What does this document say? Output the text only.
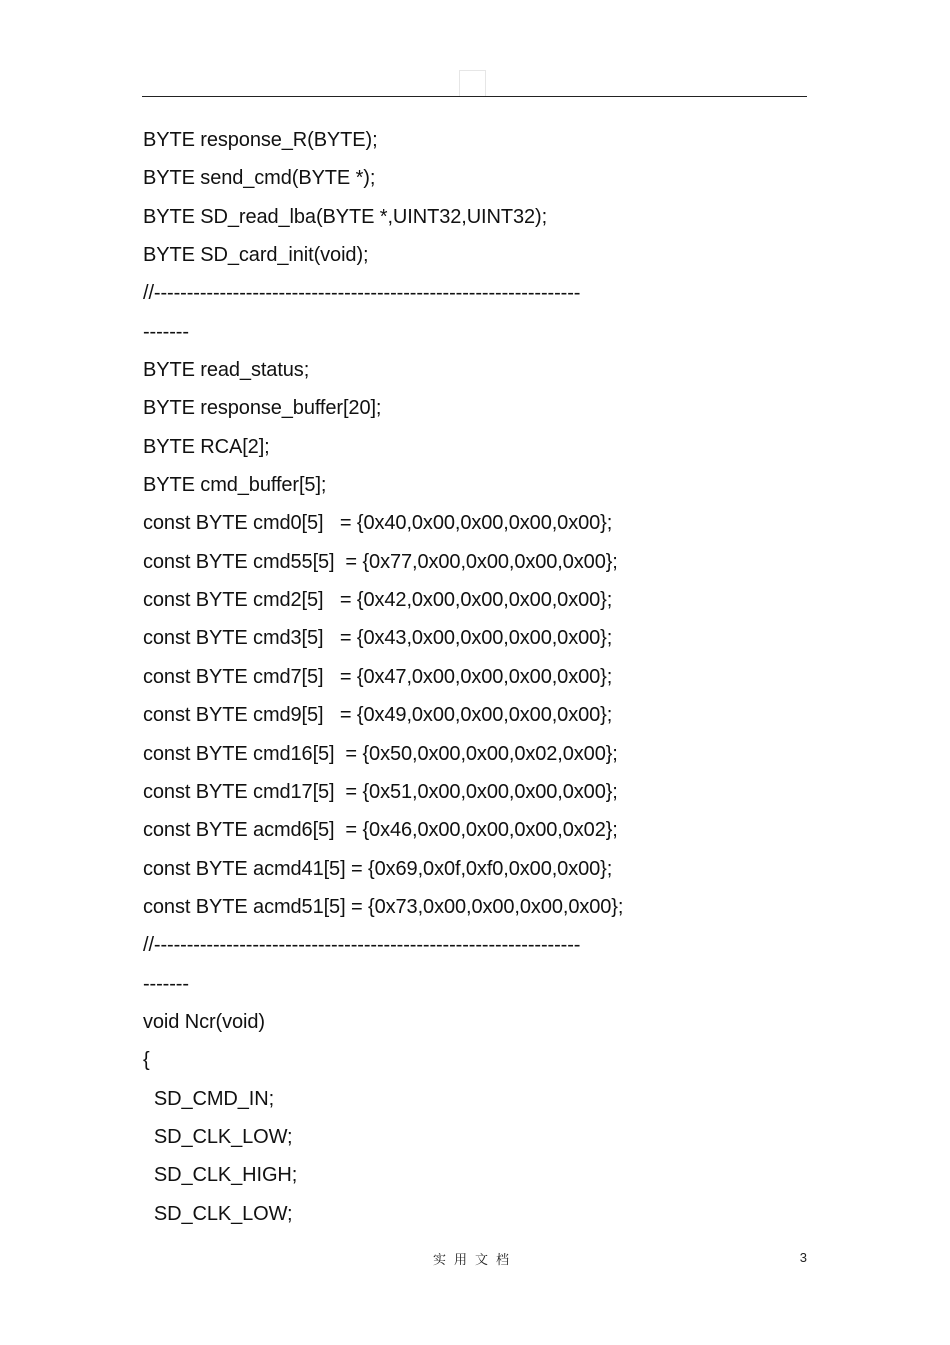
BYTE response_R(BYTE);
BYTE send_cmd(BYTE *);
BYTE SD_read_lba(BYTE *,UINT32,UINT32);
BYTE SD_card_init(void);
//-----------------------------------------------------------------
-------
BYTE read_status;
BYTE response_buffer[20];
BYTE RCA[2];
BYTE cmd_buffer[5];
const BYTE cmd0[5]   = {0x40,0x00,0x00,0x00,0x00};
const BYTE cmd55[5]  = {0x77,0x00,0x00,0x00,0x00};
const BYTE cmd2[5]   = {0x42,0x00,0x00,0x00,0x00};
const BYTE cmd3[5]   = {0x43,0x00,0x00,0x00,0x00};
const BYTE cmd7[5]   = {0x47,0x00,0x00,0x00,0x00};
const BYTE cmd9[5]   = {0x49,0x00,0x00,0x00,0x00};
const BYTE cmd16[5]  = {0x50,0x00,0x00,0x02,0x00};
const BYTE cmd17[5]  = {0x51,0x00,0x00,0x00,0x00};
const BYTE acmd6[5]  = {0x46,0x00,0x00,0x00,0x02};
const BYTE acmd41[5] = {0x69,0x0f,0xf0,0x00,0x00};
const BYTE acmd51[5] = {0x73,0x00,0x00,0x00,0x00};
//-----------------------------------------------------------------
-------
void Ncr(void)
{
SD_CMD_IN;
SD_CLK_LOW;
SD_CLK_HIGH;
SD_CLK_LOW;
实用文档	3
